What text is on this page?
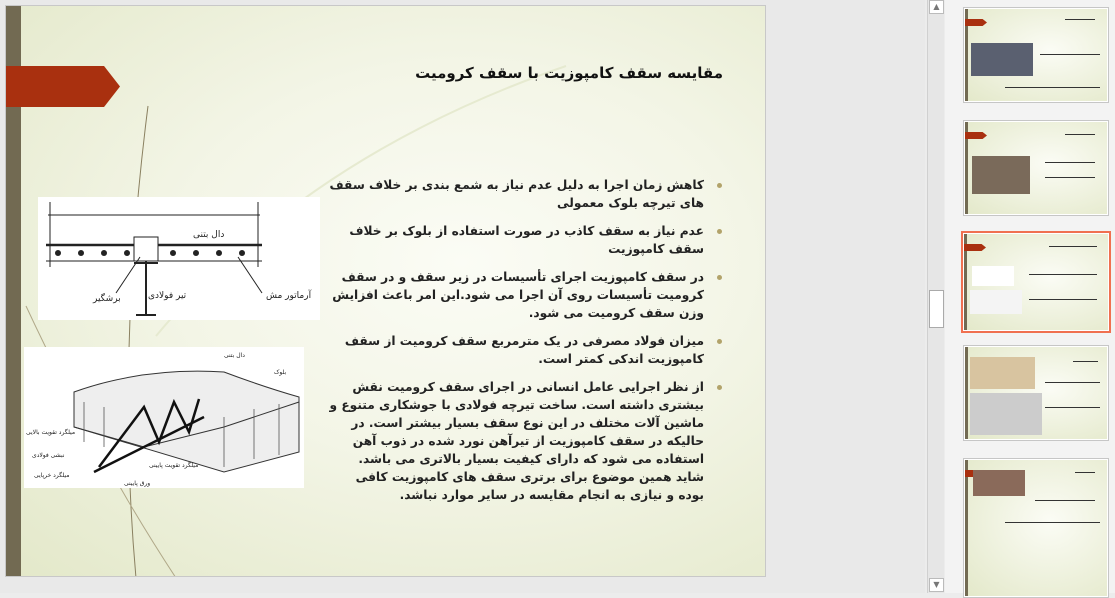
مقایسه سقف کامپوزیت با سقف کرومیت
دال بتنی
آرماتور مش
تیر فولادی
برشگیر
دال بتنی
بلوک
میلگرد تقویت بالایی
نبشی فولادی
میلگرد تقویت پایینی
میلگرد خرپایی
ورق پایینی
کاهش زمان اجرا به دلیل عدم نیاز به شمع بندی بر خلاف سقف های تیرچه بلوک معمولی
عدم نیاز به سقف کاذب در صورت استفاده از بلوک بر خلاف سقف کامپوزیت
در سقف کامپوزیت اجرای تأسیسات در زیر سقف و در سقف کرومیت تأسیسات روی آن اجرا می شود.این امر باعث افزایش وزن سقف کرومیت می شود.
میزان فولاد مصرفی در یک مترمربع سقف کرومیت از سقف کامپوزیت اندکی کمتر است.
از نظر اجرایی عامل انسانی در اجرای سقف کرومیت نقش بیشتری داشته است. ساخت تیرچه فولادی با جوشکاری متنوع و ماشین آلات مختلف در این نوع سقف بسیار بیشتر است. در حالیکه در سقف کامپوزیت از تیرآهن نورد شده در ذوب آهن استفاده می شود که دارای کیفیت بسیار بالاتری می باشد. شاید همین موضوع برای برتری سقف های کامپوزیت کافی بوده و نیازی به انجام مقایسه در سایر موارد نباشد.
▲
▼
